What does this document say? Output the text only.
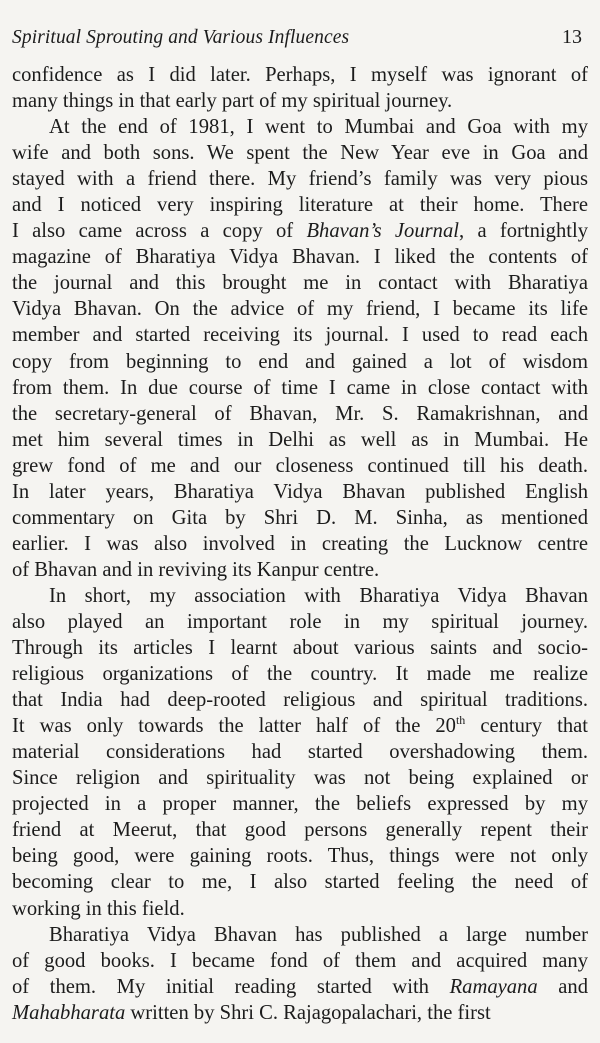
Spiritual Sprouting and Various Influences	13

confidence as I did later. Perhaps, I myself was ignorant of
many things in that early part of my spiritual journey.

At the end of 1981, I went to Mumbai and Goa with my
wife and both sons. We spent the New Year eve in Goa and
stayed with a friend there. My friend’s family was very pious
and I noticed very inspiring literature at their home. There
I also came across a copy of Bhavan’s Journal, a fortnightly
magazine of Bharatiya Vidya Bhavan. I liked the contents of
the journal and this brought me in contact with Bharatiya
Vidya Bhavan. On the advice of my friend, I became its life
member and started receiving its journal. I used to read each
copy from beginning to end and gained a lot of wisdom
from them. In due course of time I came in close contact with
the secretary-general of Bhavan, Mr. S. Ramakrishnan, and
met him several times in Delhi as well as in Mumbai. He
grew fond of me and our closeness continued till his death.
In later years, Bharatiya Vidya Bhavan published English
commentary on Gita by Shri D. M. Sinha, as mentioned
earlier. I was also involved in creating the Lucknow centre
of Bhavan and in reviving its Kanpur centre.

In short, my association with Bharatiya Vidya Bhavan
also played an important role in my spiritual journey.
Through its articles I learnt about various saints and socio-
religious organizations of the country. It made me realize
that India had deep-rooted religious and spiritual traditions.
It was only towards the latter half of the 20th century that
material considerations had started overshadowing them.
Since religion and spirituality was not being explained or
projected in a proper manner, the beliefs expressed by my
friend at Meerut, that good persons generally repent their
being good, were gaining roots. Thus, things were not only
becoming clear to me, I also started feeling the need of
working in this field.

Bharatiya Vidya Bhavan has published a large number
of good books. I became fond of them and acquired many
of them. My initial reading started with Ramayana and
Mahabharata written by Shri C. Rajagopalachari, the first
